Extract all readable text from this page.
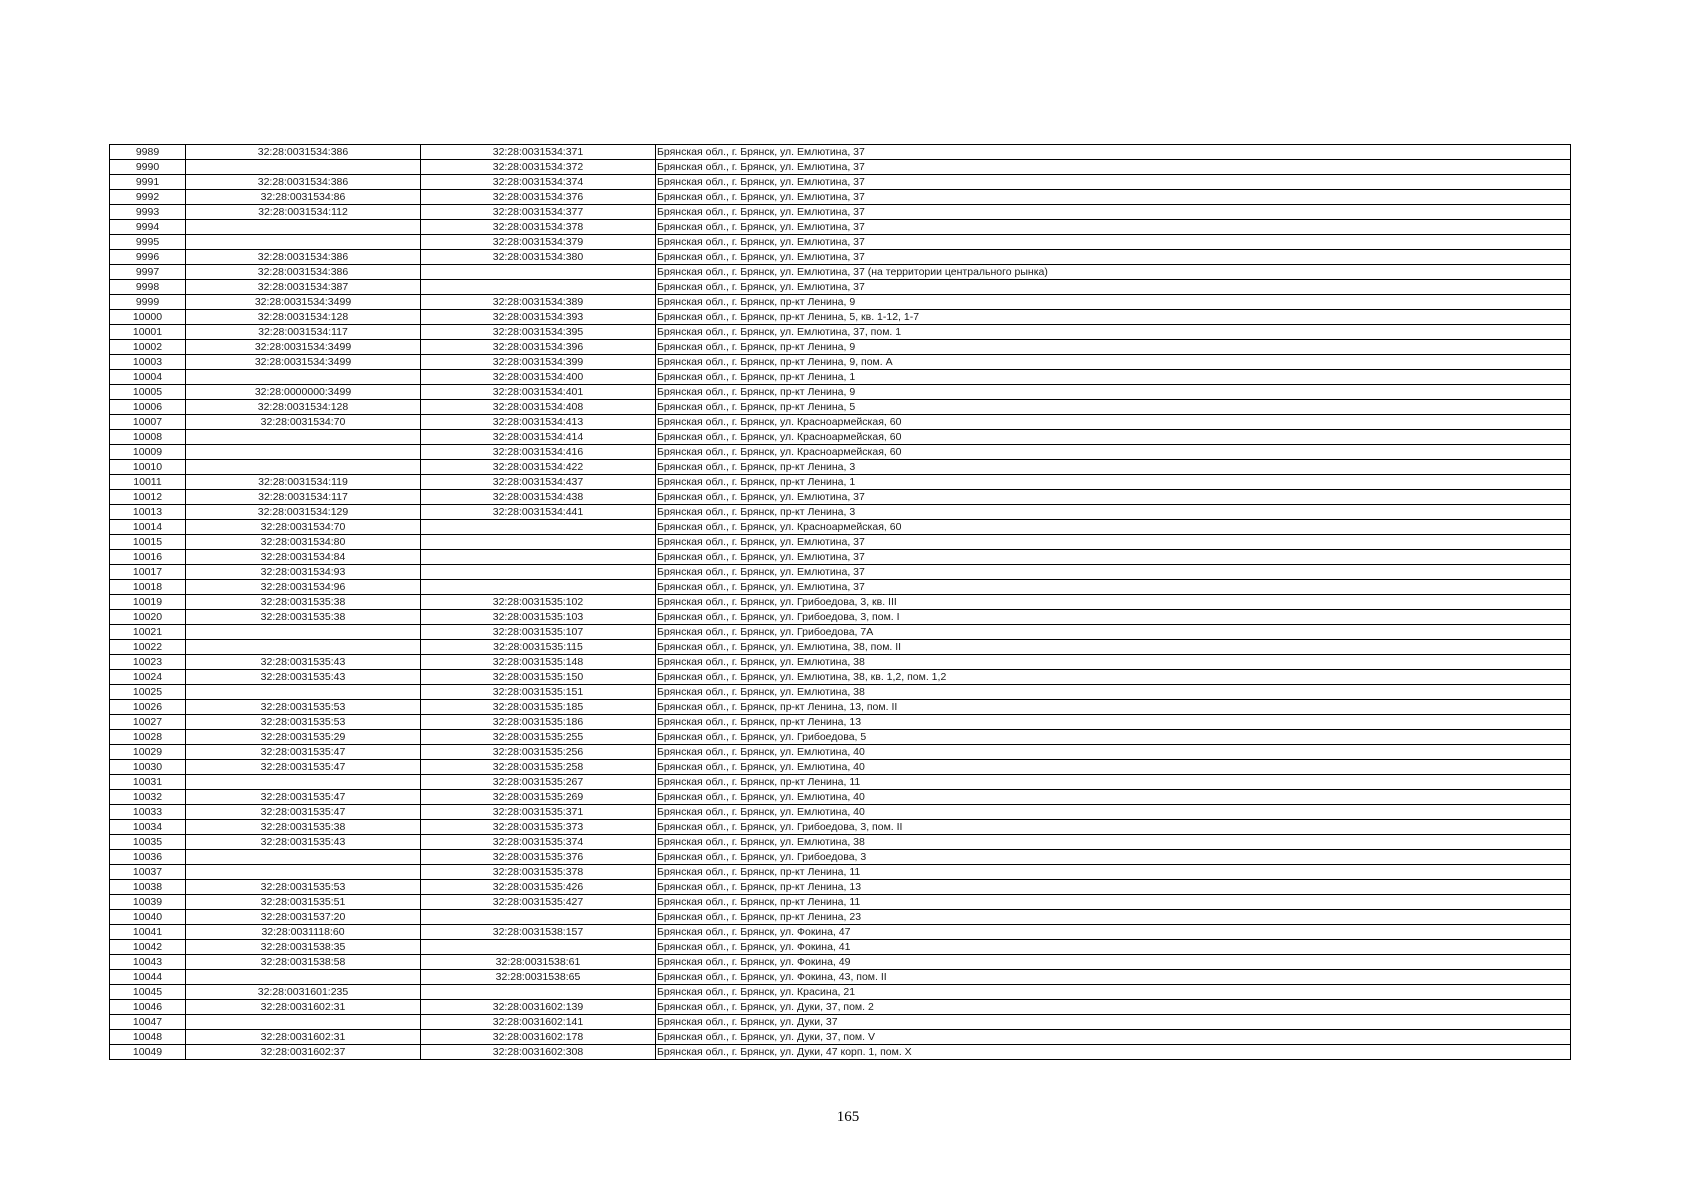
9989	32:28:0031534:386	32:28:0031534:371	Брянская обл., г. Брянск, ул. Емлютина, 37
9990		32:28:0031534:372	Брянская обл., г. Брянск, ул. Емлютина, 37
9991	32:28:0031534:386	32:28:0031534:374	Брянская обл., г. Брянск, ул. Емлютина, 37
9992	32:28:0031534:86	32:28:0031534:376	Брянская обл., г. Брянск, ул. Емлютина, 37
9993	32:28:0031534:112	32:28:0031534:377	Брянская обл., г. Брянск, ул. Емлютина, 37
9994		32:28:0031534:378	Брянская обл., г. Брянск, ул. Емлютина, 37
9995		32:28:0031534:379	Брянская обл., г. Брянск, ул. Емлютина, 37
9996	32:28:0031534:386	32:28:0031534:380	Брянская обл., г. Брянск, ул. Емлютина, 37
9997	32:28:0031534:386		Брянская обл., г. Брянск, ул. Емлютина, 37 (на территории центрального рынка)
9998	32:28:0031534:387		Брянская обл., г. Брянск, ул. Емлютина, 37
9999	32:28:0031534:3499	32:28:0031534:389	Брянская обл., г. Брянск, пр-кт Ленина, 9
10000	32:28:0031534:128	32:28:0031534:393	Брянская обл., г. Брянск, пр-кт Ленина, 5, кв. 1-12, 1-7
10001	32:28:0031534:117	32:28:0031534:395	Брянская обл., г. Брянск, ул. Емлютина, 37, пом. 1
10002	32:28:0031534:3499	32:28:0031534:396	Брянская обл., г. Брянск, пр-кт Ленина, 9
10003	32:28:0031534:3499	32:28:0031534:399	Брянская обл., г. Брянск, пр-кт Ленина, 9, пом. А
10004		32:28:0031534:400	Брянская обл., г. Брянск, пр-кт Ленина, 1
10005	32:28:0000000:3499	32:28:0031534:401	Брянская обл., г. Брянск, пр-кт Ленина, 9
10006	32:28:0031534:128	32:28:0031534:408	Брянская обл., г. Брянск, пр-кт Ленина, 5
10007	32:28:0031534:70	32:28:0031534:413	Брянская обл., г. Брянск, ул. Красноармейская, 60
10008		32:28:0031534:414	Брянская обл., г. Брянск, ул. Красноармейская, 60
10009		32:28:0031534:416	Брянская обл., г. Брянск, ул. Красноармейская, 60
10010		32:28:0031534:422	Брянская обл., г. Брянск, пр-кт Ленина, 3
10011	32:28:0031534:119	32:28:0031534:437	Брянская обл., г. Брянск, пр-кт Ленина, 1
10012	32:28:0031534:117	32:28:0031534:438	Брянская обл., г. Брянск, ул. Емлютина, 37
10013	32:28:0031534:129	32:28:0031534:441	Брянская обл., г. Брянск, пр-кт Ленина, 3
10014	32:28:0031534:70		Брянская обл., г. Брянск, ул. Красноармейская, 60
10015	32:28:0031534:80		Брянская обл., г. Брянск, ул. Емлютина, 37
10016	32:28:0031534:84		Брянская обл., г. Брянск, ул. Емлютина, 37
10017	32:28:0031534:93		Брянская обл., г. Брянск, ул. Емлютина, 37
10018	32:28:0031534:96		Брянская обл., г. Брянск, ул. Емлютина, 37
10019	32:28:0031535:38	32:28:0031535:102	Брянская обл., г. Брянск, ул. Грибоедова, 3, кв. III
10020	32:28:0031535:38	32:28:0031535:103	Брянская обл., г. Брянск, ул. Грибоедова, 3, пом. I
10021		32:28:0031535:107	Брянская обл., г. Брянск, ул. Грибоедова, 7А
10022		32:28:0031535:115	Брянская обл., г. Брянск, ул. Емлютина, 38, пом. II
10023	32:28:0031535:43	32:28:0031535:148	Брянская обл., г. Брянск, ул. Емлютина, 38
10024	32:28:0031535:43	32:28:0031535:150	Брянская обл., г. Брянск, ул. Емлютина, 38, кв. 1,2, пом. 1,2
10025		32:28:0031535:151	Брянская обл., г. Брянск, ул. Емлютина, 38
10026	32:28:0031535:53	32:28:0031535:185	Брянская обл., г. Брянск, пр-кт Ленина, 13, пом. II
10027	32:28:0031535:53	32:28:0031535:186	Брянская обл., г. Брянск, пр-кт Ленина, 13
10028	32:28:0031535:29	32:28:0031535:255	Брянская обл., г. Брянск, ул. Грибоедова, 5
10029	32:28:0031535:47	32:28:0031535:256	Брянская обл., г. Брянск, ул. Емлютина, 40
10030	32:28:0031535:47	32:28:0031535:258	Брянская обл., г. Брянск, ул. Емлютина, 40
10031		32:28:0031535:267	Брянская обл., г. Брянск, пр-кт Ленина, 11
10032	32:28:0031535:47	32:28:0031535:269	Брянская обл., г. Брянск, ул. Емлютина, 40
10033	32:28:0031535:47	32:28:0031535:371	Брянская обл., г. Брянск, ул. Емлютина, 40
10034	32:28:0031535:38	32:28:0031535:373	Брянская обл., г. Брянск, ул. Грибоедова, 3, пом. II
10035	32:28:0031535:43	32:28:0031535:374	Брянская обл., г. Брянск, ул. Емлютина, 38
10036		32:28:0031535:376	Брянская обл., г. Брянск, ул. Грибоедова, 3
10037		32:28:0031535:378	Брянская обл., г. Брянск, пр-кт Ленина, 11
10038	32:28:0031535:53	32:28:0031535:426	Брянская обл., г. Брянск, пр-кт Ленина, 13
10039	32:28:0031535:51	32:28:0031535:427	Брянская обл., г. Брянск, пр-кт Ленина, 11
10040	32:28:0031537:20		Брянская обл., г. Брянск, пр-кт Ленина, 23
10041	32:28:0031118:60	32:28:0031538:157	Брянская обл., г. Брянск, ул. Фокина, 47
10042	32:28:0031538:35		Брянская обл., г. Брянск, ул. Фокина, 41
10043	32:28:0031538:58	32:28:0031538:61	Брянская обл., г. Брянск, ул. Фокина, 49
10044		32:28:0031538:65	Брянская обл., г. Брянск, ул. Фокина, 43, пом. II
10045	32:28:0031601:235		Брянская обл., г. Брянск, ул. Красина, 21
10046	32:28:0031602:31	32:28:0031602:139	Брянская обл., г. Брянск, ул. Дуки, 37, пом. 2
10047		32:28:0031602:141	Брянская обл., г. Брянск, ул. Дуки, 37
10048	32:28:0031602:31	32:28:0031602:178	Брянская обл., г. Брянск, ул. Дуки, 37, пом. V
10049	32:28:0031602:37	32:28:0031602:308	Брянская обл., г. Брянск, ул. Дуки, 47 корп. 1, пом. X
165
